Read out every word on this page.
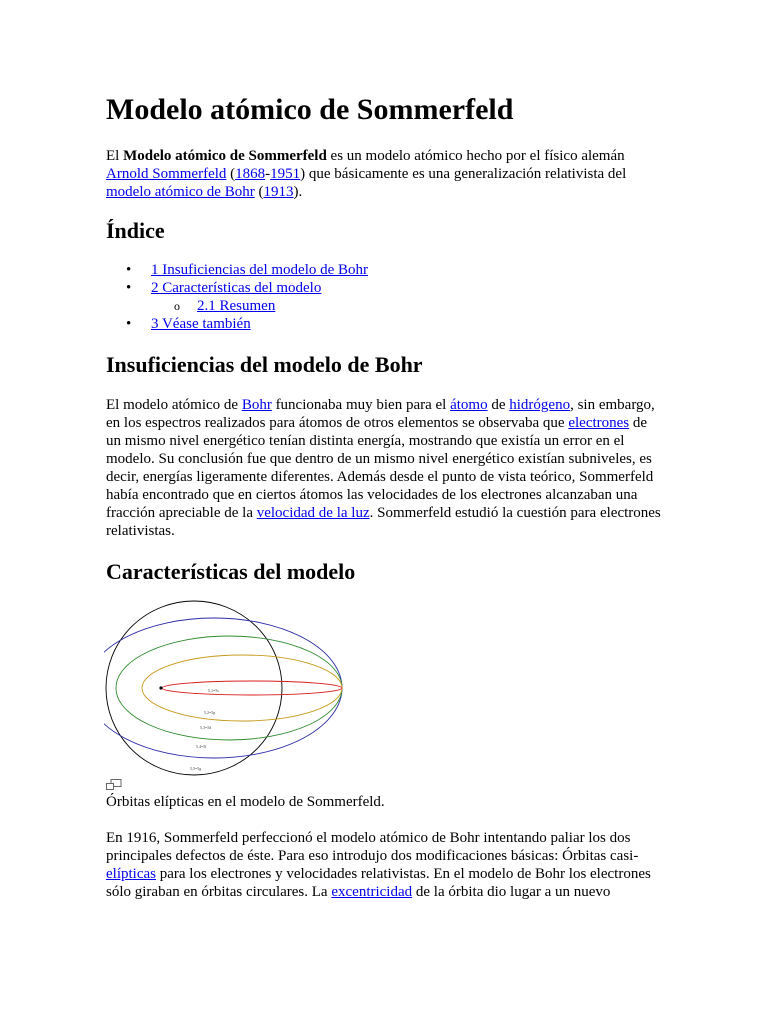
Modelo atómico de Sommerfeld

El Modelo atómico de Sommerfeld es un modelo atómico hecho por el físico alemán Arnold Sommerfeld (1868-1951) que básicamente es una generalización relativista del modelo atómico de Bohr (1913).

Índice
• 1 Insuficiencias del modelo de Bohr
• 2 Características del modelo
o 2.1 Resumen
• 3 Véase también
Insuficiencias del modelo de Bohr

El modelo atómico de Bohr funcionaba muy bien para el átomo de hidrógeno, sin embargo, en los espectros realizados para átomos de otros elementos se observaba que electrones de un mismo nivel energético tenían distinta energía, mostrando que existía un error en el modelo. Su conclusión fue que dentro de un mismo nivel energético existían subniveles, es decir, energías ligeramente diferentes. Además desde el punto de vista teórico, Sommerfeld había encontrado que en ciertos átomos las velocidades de los electrones alcanzaban una fracción apreciable de la velocidad de la luz. Sommerfeld estudió la cuestión para electrones relativistas.

Características del modelo
5,1=5s
5,2=5p
5,3=5d
5,4=5f
5,5=5g

Órbitas elípticas en el modelo de Sommerfeld.

En 1916, Sommerfeld perfeccionó el modelo atómico de Bohr intentando paliar los dos principales defectos de éste. Para eso introdujo dos modificaciones básicas: Órbitas casi-elípticas para los electrones y velocidades relativistas. En el modelo de Bohr los electrones sólo giraban en órbitas circulares. La excentricidad de la órbita dio lugar a un nuevo
